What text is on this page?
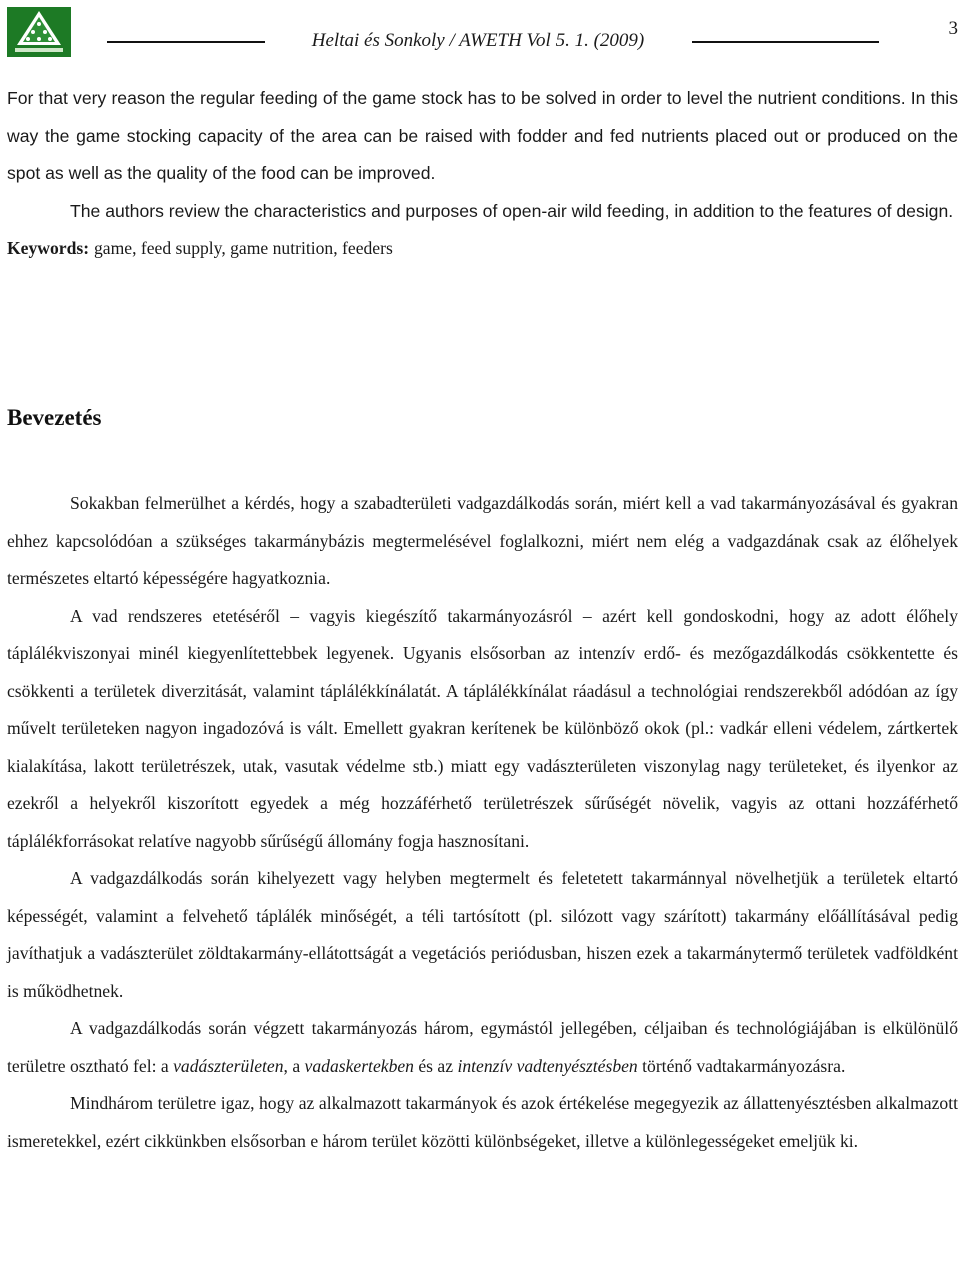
Heltai és Sonkoly / AWETH Vol 5. 1. (2009)
3

For that very reason the regular feeding of the game stock has to be solved in order to level the nutrient conditions. In this way the game stocking capacity of the area can be raised with fodder and fed nutrients placed out or produced on the spot as well as the quality of the food can be improved.

The authors review the characteristics and purposes of open-air wild feeding, in addition to the features of design.

Keywords: game, feed supply, game nutrition, feeders

Bevezetés

Sokakban felmerülhet a kérdés, hogy a szabadterületi vadgazdálkodás során, miért kell a vad takarmányozásával és gyakran ehhez kapcsolódóan a szükséges takarmánybázis megtermelésével foglalkozni, miért nem elég a vadgazdának csak az élőhelyek természetes eltartó képességére hagyatkoznia.

A vad rendszeres etetéséről – vagyis kiegészítő takarmányozásról – azért kell gondoskodni, hogy az adott élőhely táplálékviszonyai minél kiegyenlítettebbek legyenek. Ugyanis elsősorban az intenzív erdő- és mezőgazdálkodás csökkentette és csökkenti a területek diverzitását, valamint táplálékkínálatát. A táplálékkínálat ráadásul a technológiai rendszerekből adódóan az így művelt területeken nagyon ingadozóvá is vált. Emellett gyakran kerítenek be különböző okok (pl.: vadkár elleni védelem, zártkertek kialakítása, lakott területrészek, utak, vasutak védelme stb.) miatt egy vadászterületen viszonylag nagy területeket, és ilyenkor az ezekről a helyekről kiszorított egyedek a még hozzáférhető területrészek sűrűségét növelik, vagyis az ottani hozzáférhető táplálékforrásokat relatíve nagyobb sűrűségű állomány fogja hasznosítani.

A vadgazdálkodás során kihelyezett vagy helyben megtermelt és feletetett takarmánnyal növelhetjük a területek eltartó képességét, valamint a felvehető táplálék minőségét, a téli tartósított (pl. silózott vagy szárított) takarmány előállításával pedig javíthatjuk a vadászterület zöldtakarmány-ellátottságát a vegetációs periódusban, hiszen ezek a takarmánytermő területek vadföldként is működhetnek.

A vadgazdálkodás során végzett takarmányozás három, egymástól jellegében, céljaiban és technológiájában is elkülönülő területre osztható fel: a vadászterületen, a vadaskertekben és az intenzív vadtenyésztésben történő vadtakarmányozásra.

Mindhárom területre igaz, hogy az alkalmazott takarmányok és azok értékelése megegyezik az állattenyésztésben alkalmazott ismeretekkel, ezért cikkünkben elsősorban e három terület közötti különbségeket, illetve a különlegességeket emeljük ki.
